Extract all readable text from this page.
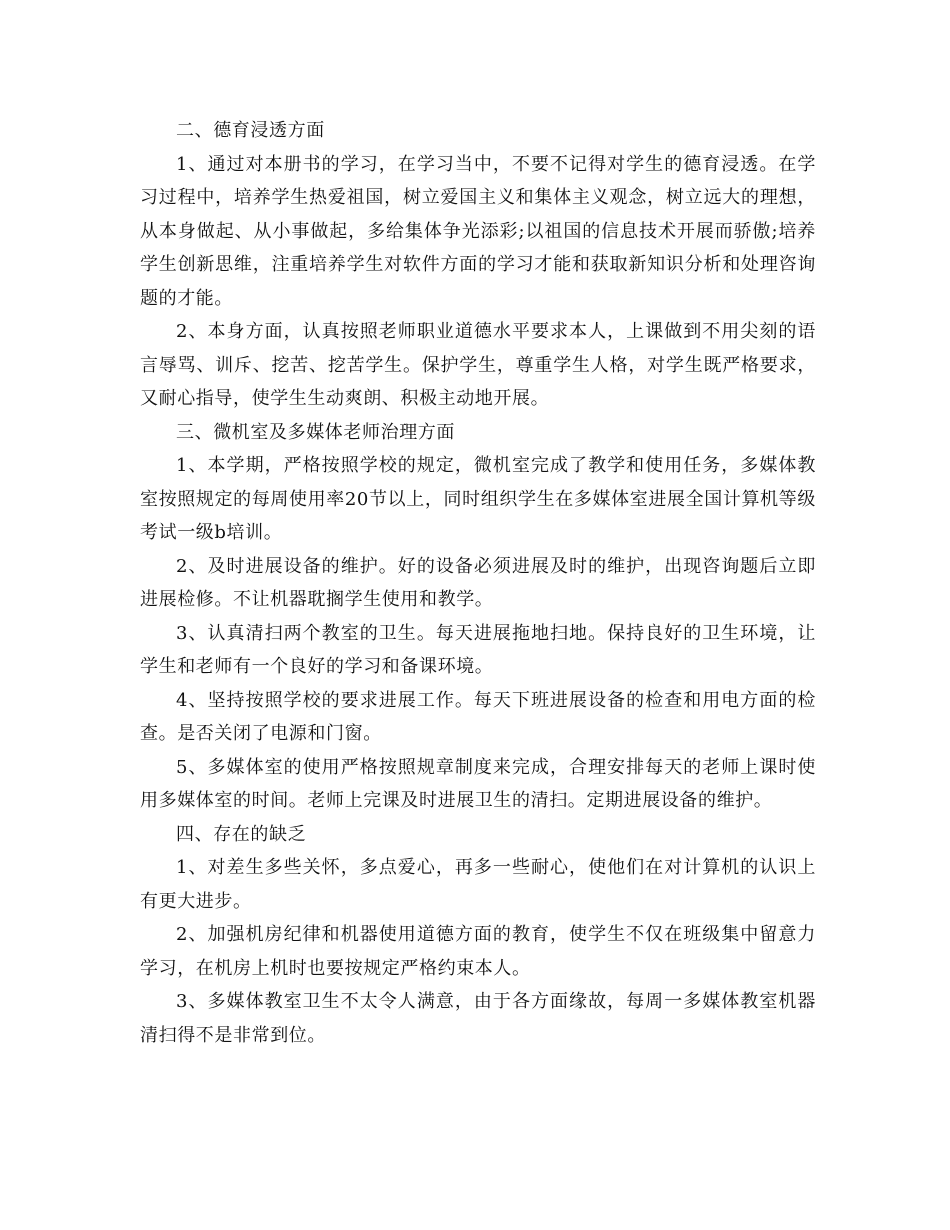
二、德育浸透方面

1、通过对本册书的学习，在学习当中，不要不记得对学生的德育浸透。在学习过程中，培养学生热爱祖国，树立爱国主义和集体主义观念，树立远大的理想，从本身做起、从小事做起，多给集体争光添彩;以祖国的信息技术开展而骄傲;培养学生创新思维，注重培养学生对软件方面的学习才能和获取新知识分析和处理咨询题的才能。

2、本身方面，认真按照老师职业道德水平要求本人，上课做到不用尖刻的语言辱骂、训斥、挖苦、挖苦学生。保护学生，尊重学生人格，对学生既严格要求，又耐心指导，使学生生动爽朗、积极主动地开展。

三、微机室及多媒体老师治理方面

1、本学期，严格按照学校的规定，微机室完成了教学和使用任务，多媒体教室按照规定的每周使用率20节以上，同时组织学生在多媒体室进展全国计算机等级考试一级b培训。

2、及时进展设备的维护。好的设备必须进展及时的维护，出现咨询题后立即进展检修。不让机器耽搁学生使用和教学。

3、认真清扫两个教室的卫生。每天进展拖地扫地。保持良好的卫生环境，让学生和老师有一个良好的学习和备课环境。

4、坚持按照学校的要求进展工作。每天下班进展设备的检查和用电方面的检查。是否关闭了电源和门窗。

5、多媒体室的使用严格按照规章制度来完成，合理安排每天的老师上课时使用多媒体室的时间。老师上完课及时进展卫生的清扫。定期进展设备的维护。

四、存在的缺乏

1、对差生多些关怀，多点爱心，再多一些耐心，使他们在对计算机的认识上有更大进步。

2、加强机房纪律和机器使用道德方面的教育，使学生不仅在班级集中留意力学习，在机房上机时也要按规定严格约束本人。

3、多媒体教室卫生不太令人满意，由于各方面缘故，每周一多媒体教室机器清扫得不是非常到位。
